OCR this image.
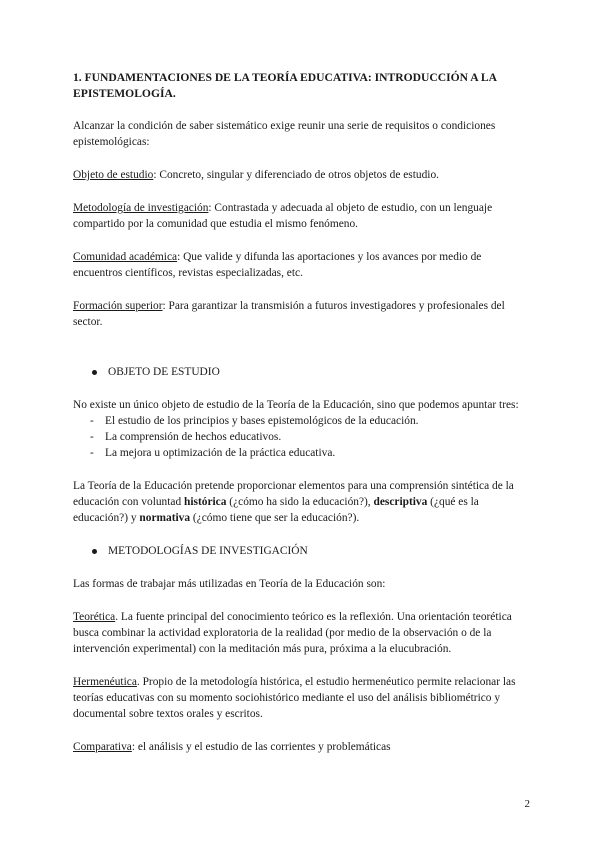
1. FUNDAMENTACIONES DE LA TEORÍA EDUCATIVA: INTRODUCCIÓN A LA EPISTEMOLOGÍA.

Alcanzar la condición de saber sistemático exige reunir una serie de requisitos o condiciones epistemológicas:

Objeto de estudio: Concreto, singular y diferenciado de otros objetos de estudio.

Metodología de investigación: Contrastada y adecuada al objeto de estudio, con un lenguaje compartido por la comunidad que estudia el mismo fenómeno.

Comunidad académica: Que valide y difunda las aportaciones y los avances por medio de encuentros científicos, revistas especializadas, etc.

Formación superior: Para garantizar la transmisión a futuros investigadores y profesionales del sector.

OBJETO DE ESTUDIO

No existe un único objeto de estudio de la Teoría de la Educación, sino que podemos apuntar tres:

- El estudio de los principios y bases epistemológicos de la educación.
- La comprensión de hechos educativos.
- La mejora u optimización de la práctica educativa.

La Teoría de la Educación pretende proporcionar elementos para una comprensión sintética de la educación con voluntad histórica (¿cómo ha sido la educación?), descriptiva (¿qué es la educación?) y normativa (¿cómo tiene que ser la educación?).

METODOLOGÍAS DE INVESTIGACIÓN

Las formas de trabajar más utilizadas en Teoría de la Educación son:

Teorética. La fuente principal del conocimiento teórico es la reflexión. Una orientación teorética busca combinar la actividad exploratoria de la realidad (por medio de la observación o de la intervención experimental) con la meditación más pura, próxima a la elucubración.

Hermenéutica. Propio de la metodología histórica, el estudio hermenéutico permite relacionar las teorías educativas con su momento sociohistórico mediante el uso del análisis bibliométrico y documental sobre textos orales y escritos.

Comparativa: el análisis y el estudio de las corrientes y problemáticas

2
